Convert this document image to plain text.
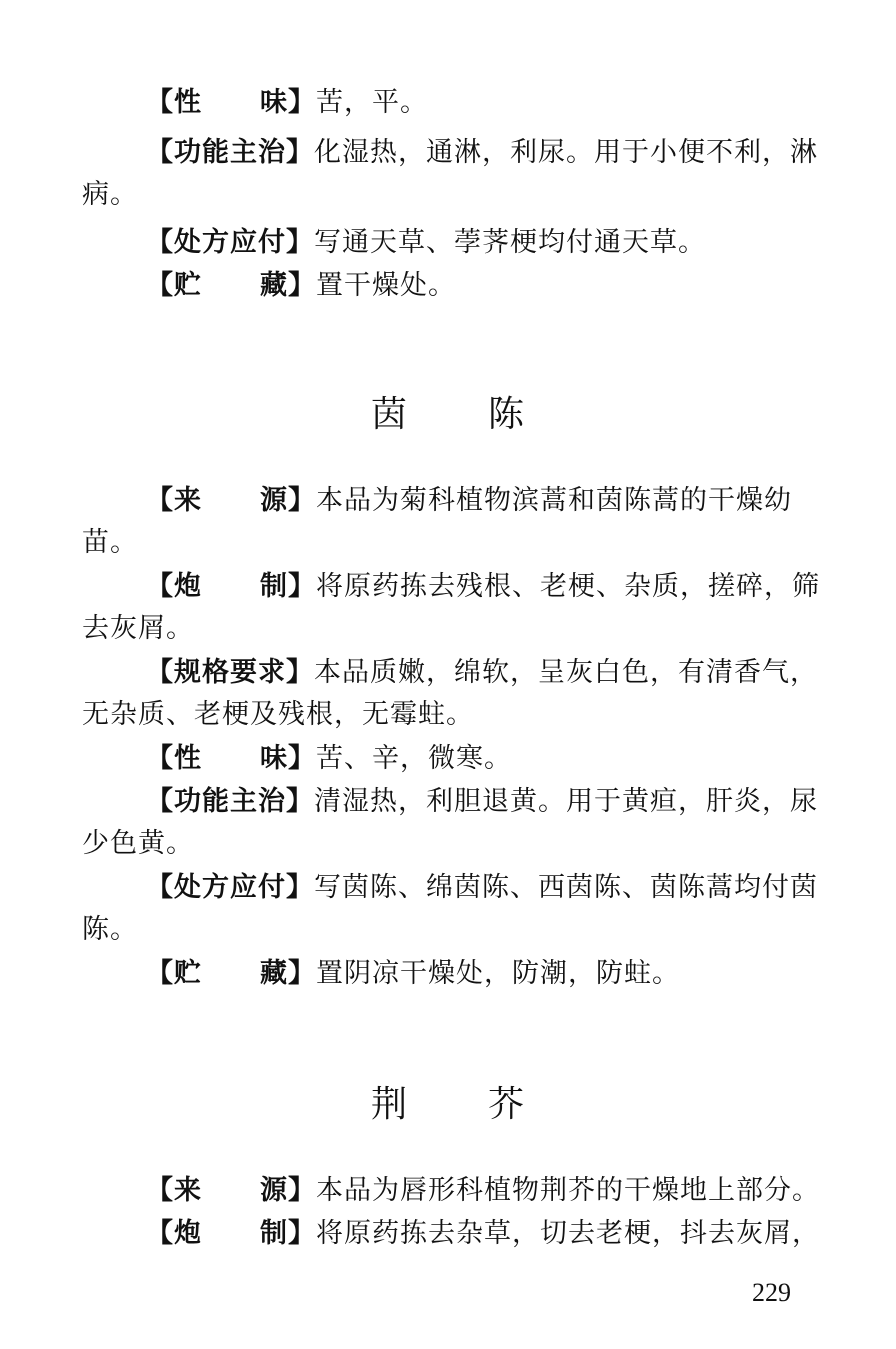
【性 味】苦，平。
【功能主治】化湿热，通淋，利尿。用于小便不利，淋病。
【处方应付】写通天草、荸荠梗均付通天草。
【贮 藏】置干燥处。
茵 陈
【来 源】本品为菊科植物滨蒿和茵陈蒿的干燥幼苗。
【炮 制】将原药拣去残根、老梗、杂质，搓碎，筛去灰屑。
【规格要求】本品质嫩，绵软，呈灰白色，有清香气，无杂质、老梗及残根，无霉蛀。
【性 味】苦、辛，微寒。
【功能主治】清湿热，利胆退黄。用于黄疸，肝炎，尿少色黄。
【处方应付】写茵陈、绵茵陈、西茵陈、茵陈蒿均付茵陈。
【贮 藏】置阴凉干燥处，防潮，防蛀。
荆 芥
【来 源】本品为唇形科植物荆芥的干燥地上部分。
【炮 制】将原药拣去杂草，切去老梗，抖去灰屑，
229
